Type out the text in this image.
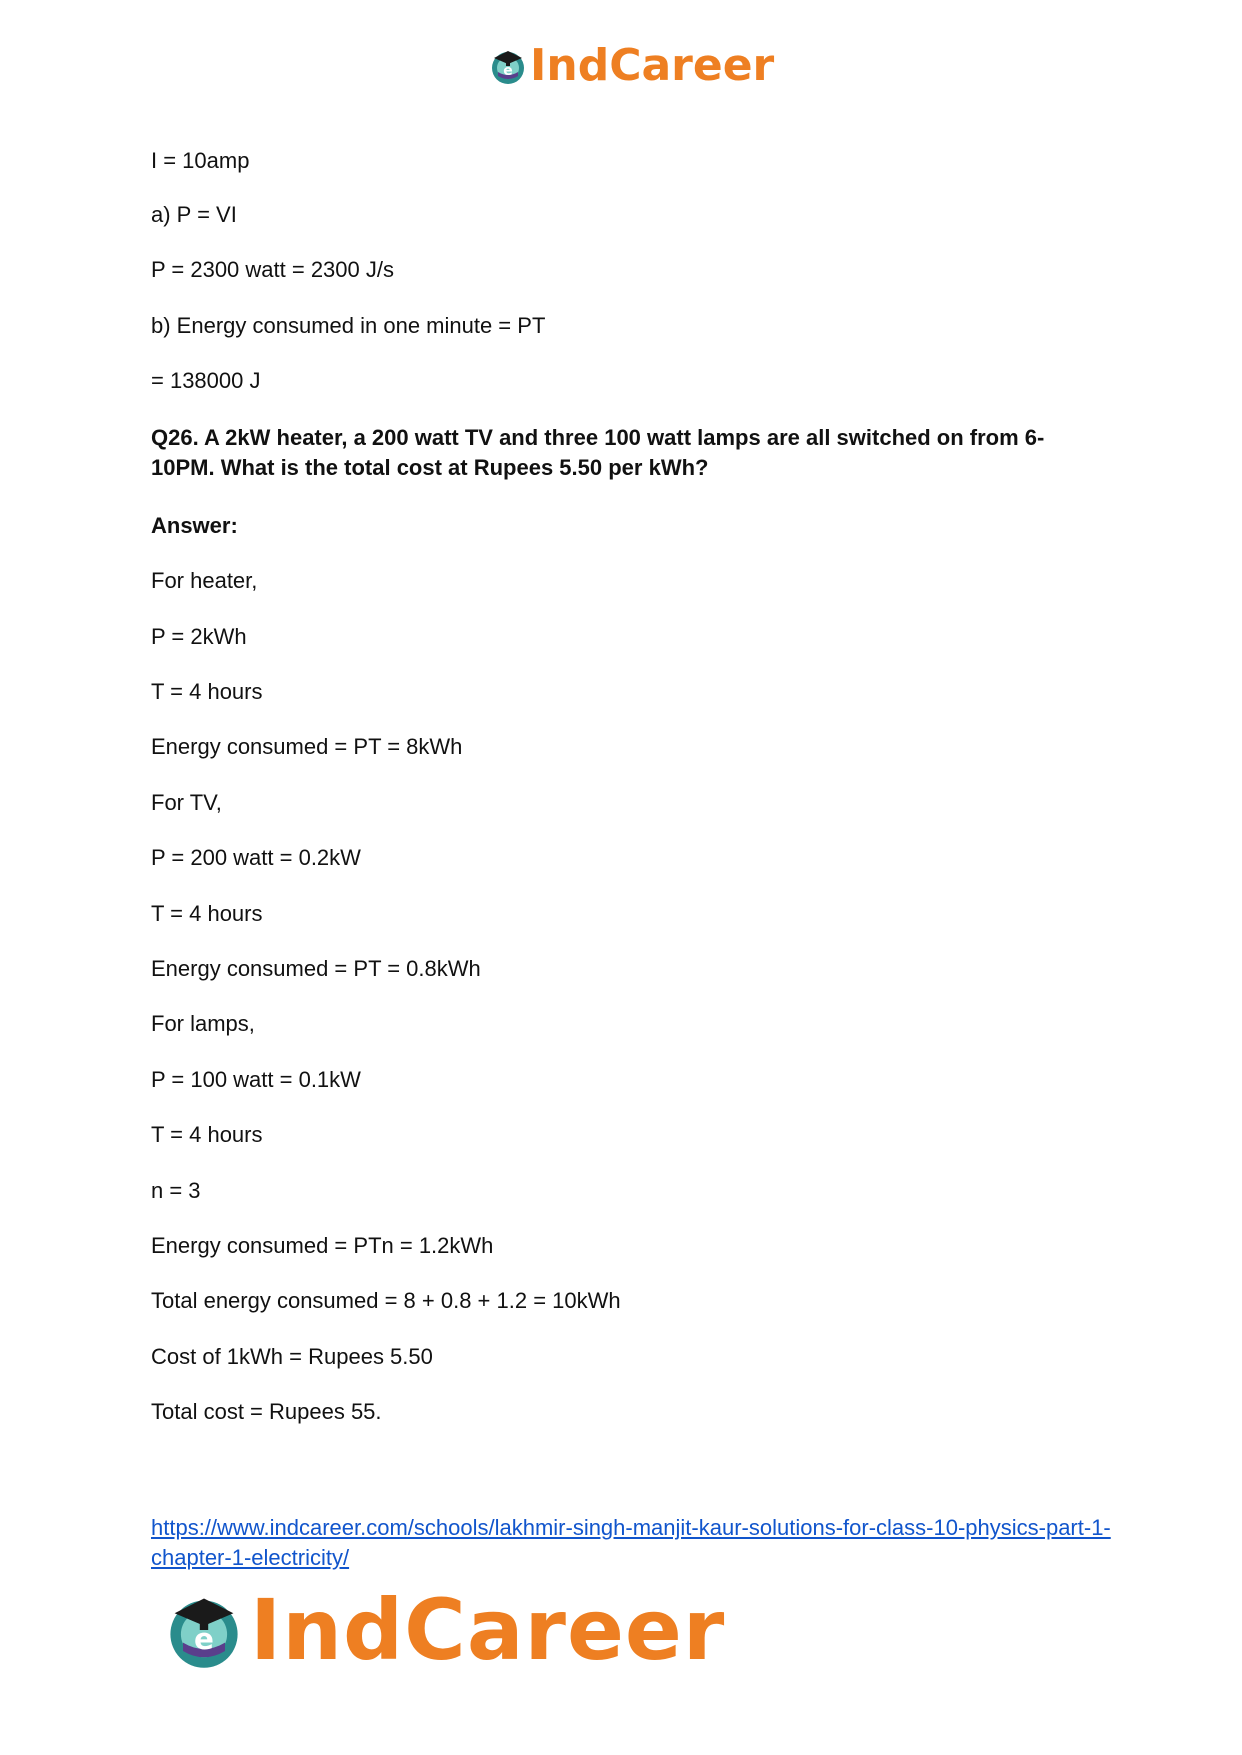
e IndCareer
I = 10amp
a) P = VI
P = 2300 watt = 2300 J/s
b) Energy consumed in one minute = PT
= 138000 J
Q26. A 2kW heater, a 200 watt TV and three 100 watt lamps are all switched on from 6-10PM. What is the total cost at Rupees 5.50 per kWh?
Answer:
For heater,
P = 2kWh
T = 4 hours
Energy consumed = PT = 8kWh
For TV,
P = 200 watt = 0.2kW
T = 4 hours
Energy consumed = PT = 0.8kWh
For lamps,
P = 100 watt = 0.1kW
T = 4 hours
n = 3
Energy consumed = PTn = 1.2kWh
Total energy consumed = 8 + 0.8 + 1.2 = 10kWh
Cost of 1kWh = Rupees 5.50
Total cost = Rupees 55.
https://www.indcareer.com/schools/lakhmir-singh-manjit-kaur-solutions-for-class-10-physics-part-1-chapter-1-electricity/
e IndCareer
